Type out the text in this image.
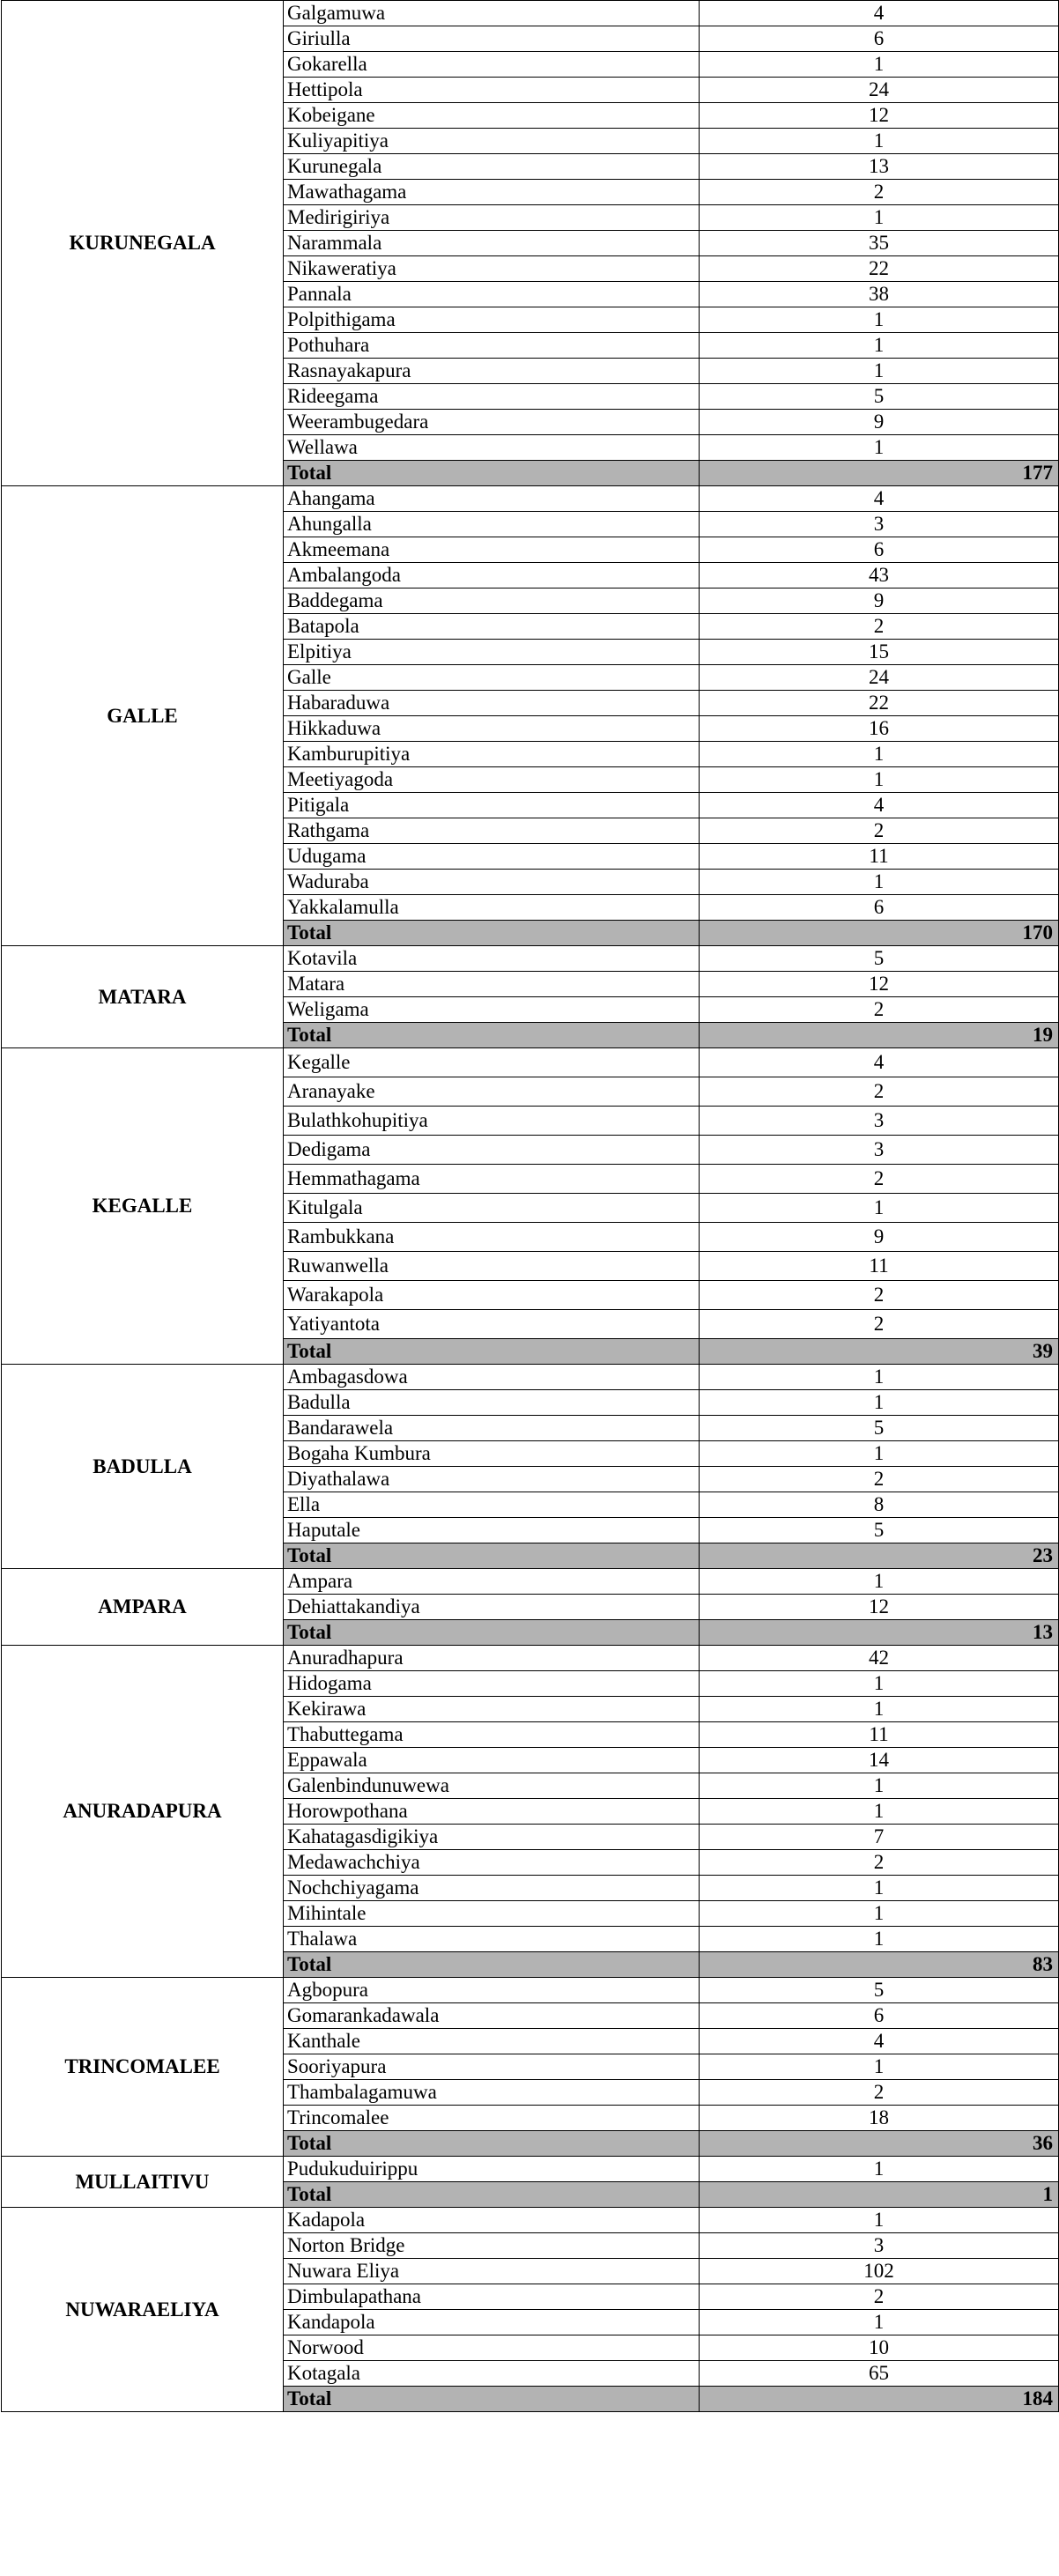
KURUNEGALA	Galgamuwa	4
	Giriulla	6
	Gokarella	1
	Hettipola	24
	Kobeigane	12
	Kuliyapitiya	1
	Kurunegala	13
	Mawathagama	2
	Medirigiriya	1
	Narammala	35
	Nikaweratiya	22
	Pannala	38
	Polpithigama	1
	Pothuhara	1
	Rasnayakapura	1
	Rideegama	5
	Weerambugedara	9
	Wellawa	1
	Total	177
GALLE	Ahangama	4
	Ahungalla	3
	Akmeemana	6
	Ambalangoda	43
	Baddegama	9
	Batapola	2
	Elpitiya	15
	Galle	24
	Habaraduwa	22
	Hikkaduwa	16
	Kamburupitiya	1
	Meetiyagoda	1
	Pitigala	4
	Rathgama	2
	Udugama	11
	Waduraba	1
	Yakkalamulla	6
	Total	170
MATARA	Kotavila	5
	Matara	12
	Weligama	2
	Total	19
KEGALLE	Kegalle	4
	Aranayake	2
	Bulathkohupitiya	3
	Dedigama	3
	Hemmathagama	2
	Kitulgala	1
	Rambukkana	9
	Ruwanwella	11
	Warakapola	2
	Yatiyantota	2
	Total	39
BADULLA	Ambagasdowa	1
	Badulla	1
	Bandarawela	5
	Bogaha Kumbura	1
	Diyathalawa	2
	Ella	8
	Haputale	5
	Total	23
AMPARA	Ampara	1
	Dehiattakandiya	12
	Total	13
ANURADAPURA	Anuradhapura	42
	Hidogama	1
	Kekirawa	1
	Thabuttegama	11
	Eppawala	14
	Galenbindunuwewa	1
	Horowpothana	1
	Kahatagasdigikiya	7
	Medawachchiya	2
	Nochchiyagama	1
	Mihintale	1
	Thalawa	1
	Total	83
TRINCOMALEE	Agbopura	5
	Gomarankadawala	6
	Kanthale	4
	Sooriyapura	1
	Thambalagamuwa	2
	Trincomalee	18
	Total	36
MULLAITIVU	Pudukuduirippu	1
	Total	1
NUWARAELIYA	Kadapola	1
	Norton Bridge	3
	Nuwara Eliya	102
	Dimbulapathana	2
	Kandapola	1
	Norwood	10
	Kotagala	65
	Total	184
